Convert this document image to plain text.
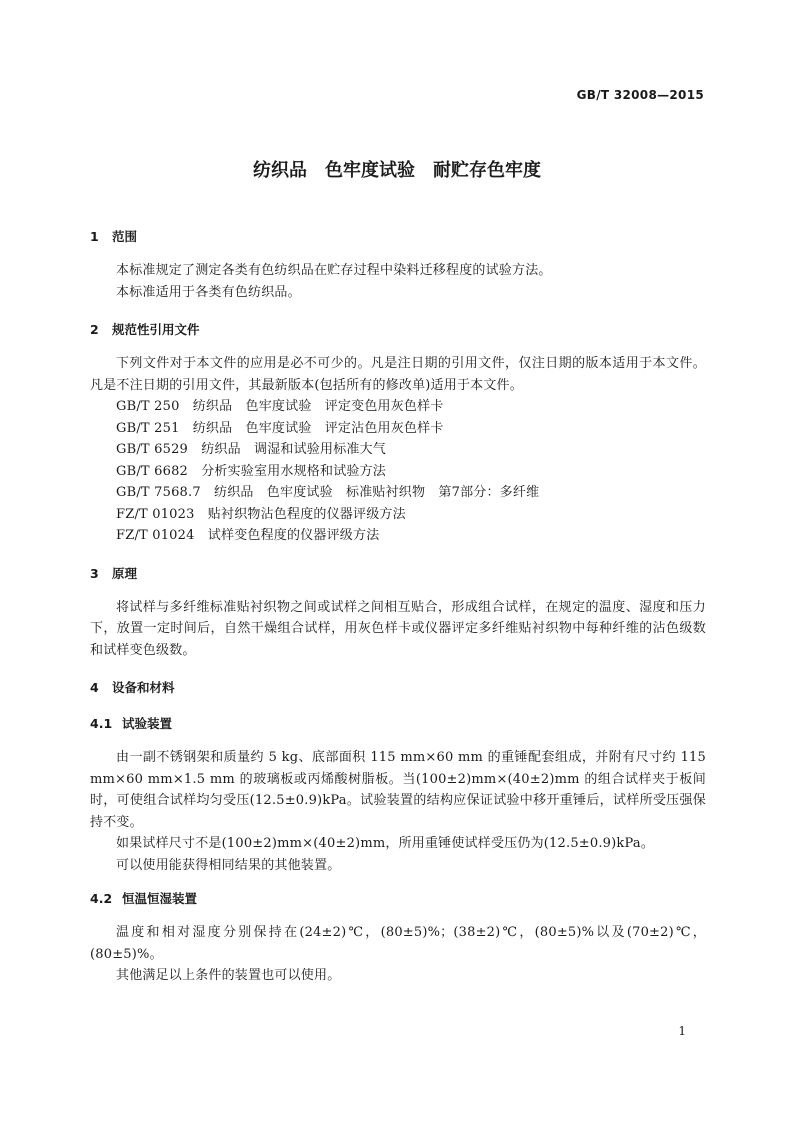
GB/T 32008—2015
纺织品　色牢度试验　耐贮存色牢度
1 范围

本标准规定了测定各类有色纺织品在贮存过程中染料迁移程度的试验方法。

本标准适用于各类有色纺织品。

2 规范性引用文件

下列文件对于本文件的应用是必不可少的。凡是注日期的引用文件，仅注日期的版本适用于本文件。凡是不注日期的引用文件，其最新版本(包括所有的修改单)适用于本文件。

GB/T 250　纺织品　色牢度试验　评定变色用灰色样卡

GB/T 251　纺织品　色牢度试验　评定沾色用灰色样卡

GB/T 6529　纺织品　调湿和试验用标准大气

GB/T 6682　分析实验室用水规格和试验方法

GB/T 7568.7　纺织品　色牢度试验　标准贴衬织物　第7部分：多纤维

FZ/T 01023　贴衬织物沾色程度的仪器评级方法

FZ/T 01024　试样变色程度的仪器评级方法

3 原理

将试样与多纤维标准贴衬织物之间或试样之间相互贴合，形成组合试样，在规定的温度、湿度和压力下，放置一定时间后，自然干燥组合试样，用灰色样卡或仪器评定多纤维贴衬织物中每种纤维的沾色级数和试样变色级数。

4 设备和材料
4.1 试验装置

由一副不锈钢架和质量约 5 kg、底部面积 115 mm×60 mm 的重锤配套组成，并附有尺寸约 115 mm×60 mm×1.5 mm 的玻璃板或丙烯酸树脂板。当(100±2)mm×(40±2)mm 的组合试样夹于板间时，可使组合试样均匀受压(12.5±0.9)kPa。试验装置的结构应保证试验中移开重锤后，试样所受压强保持不变。

如果试样尺寸不是(100±2)mm×(40±2)mm，所用重锤使试样受压仍为(12.5±0.9)kPa。

可以使用能获得相同结果的其他装置。

4.2 恒温恒湿装置

温度和相对湿度分别保持在(24±2)℃，(80±5)%；(38±2)℃，(80±5)%以及(70±2)℃，(80±5)%。

其他满足以上条件的装置也可以使用。

1
